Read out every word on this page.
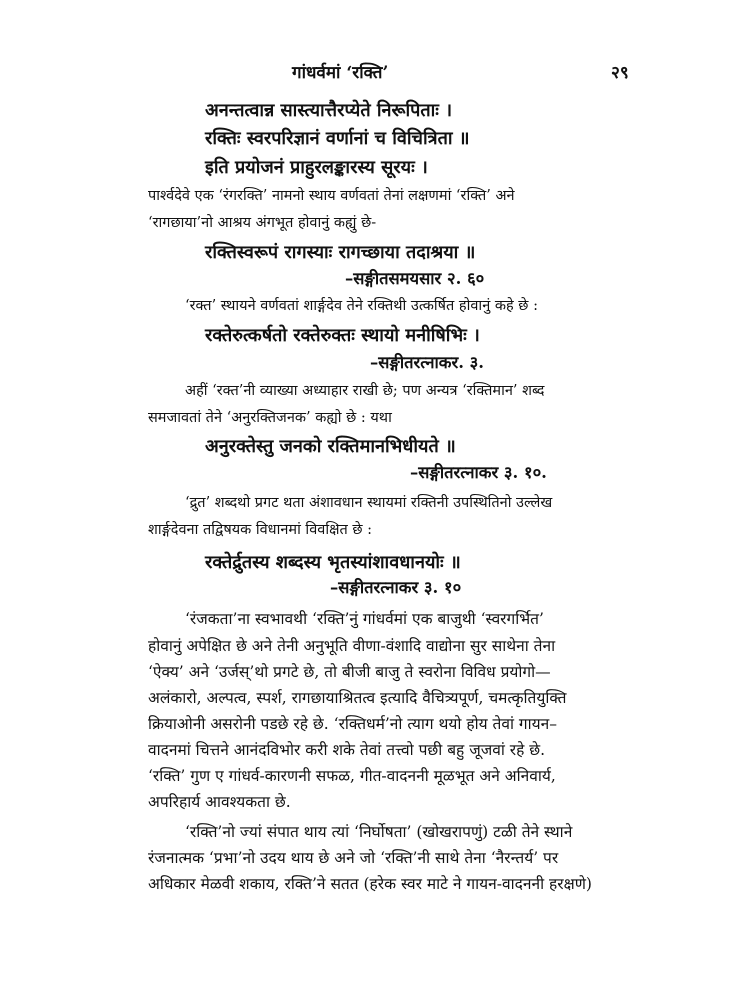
गांधर्वमां ‘रक्ति’	२९
अनन्तत्वान्न सास्त्यात्तैरप्येते निरूपिताः ।
रक्तिः स्वरपरिज्ञानं वर्णानां च विचित्रिता ॥
इति प्रयोजनं प्राहुरलङ्कारस्य सूरयः ।
पार्श्वदेवे एक ‘रंगरक्ति’ नामनो स्थाय वर्णवतां तेनां लक्षणमां ‘रक्ति’ अने
‘रागछाया’नो आश्रय अंगभूत होवानुं कह्युं छे-
रक्तिस्वरूपं रागस्याः रागच्छाया तदाश्रया ॥
–सङ्गीतसमयसार २. ६०
‘रक्त’ स्थायने वर्णवतां शार्ङ्गदेव तेने रक्तिथी उत्कर्षित होवानुं कहे छे :
रक्तेरुत्कर्षतो रक्तेरुक्तः स्थायो मनीषिभिः ।
–सङ्गीतरत्नाकर. ३.
अहीं ‘रक्त’नी व्याख्या अध्याहार राखी छे; पण अन्यत्र ‘रक्तिमान’ शब्द
समजावतां तेने ‘अनुरक्तिजनक’ कह्यो छे : यथा
अनुरक्तेस्तु जनको रक्तिमानभिधीयते ॥
–सङ्गीतरत्नाकर ३. १०.
‘द्रुत’ शब्दथो प्रगट थता अंशावधान स्थायमां रक्तिनी उपस्थितिनो उल्लेख
शार्ङ्गदेवना तद्विषयक विधानमां विवक्षित छे :
रक्तेर्द्रुतस्य शब्दस्य भृतस्यांशावधानयोः ॥
–सङ्गीतरत्नाकर ३. १०
‘रंजकता’ना स्वभावथी ‘रक्ति’नुं गांधर्वमां एक बाजुथी ‘स्वरगर्भित’
होवानुं अपेक्षित छे अने तेनी अनुभूति वीणा-वंशादि वाद्योना सुर साथेना तेना
‘ऐक्य’ अने ‘उर्जस्’थो प्रगटे छे, तो बीजी बाजु ते स्वरोना विविध प्रयोगो—
अलंकारो, अल्पत्व, स्पर्श, रागछायाश्रितत्व इत्यादि वैचित्र्यपूर्ण, चमत्कृतियुक्ति
क्रियाओनी असरोनी पडछे रहे छे. ‘रक्तिधर्म’नो त्याग थयो होय तेवां गायन–
वादनमां चित्तने आनंदविभोर करी शके तेवां तत्त्वो पछी बहु जूजवां रहे छे.
‘रक्ति’ गुण ए गांधर्व-कारणनी सफळ, गीत-वादननी मूळभूत अने अनिवार्य,
अपरिहार्य आवश्यकता छे.
‘रक्ति’नो ज्यां संपात थाय त्यां ‘निर्घोषता’ (खोखरापणुं) टळी तेने स्थाने
रंजनात्मक ‘प्रभा’नो उदय थाय छे अने जो ‘रक्ति’नी साथे तेना ‘नैरन्तर्य’ पर
अधिकार मेळवी शकाय, रक्ति’ने सतत (हरेक स्वर माटे ने गायन-वादननी हरक्षणे)
